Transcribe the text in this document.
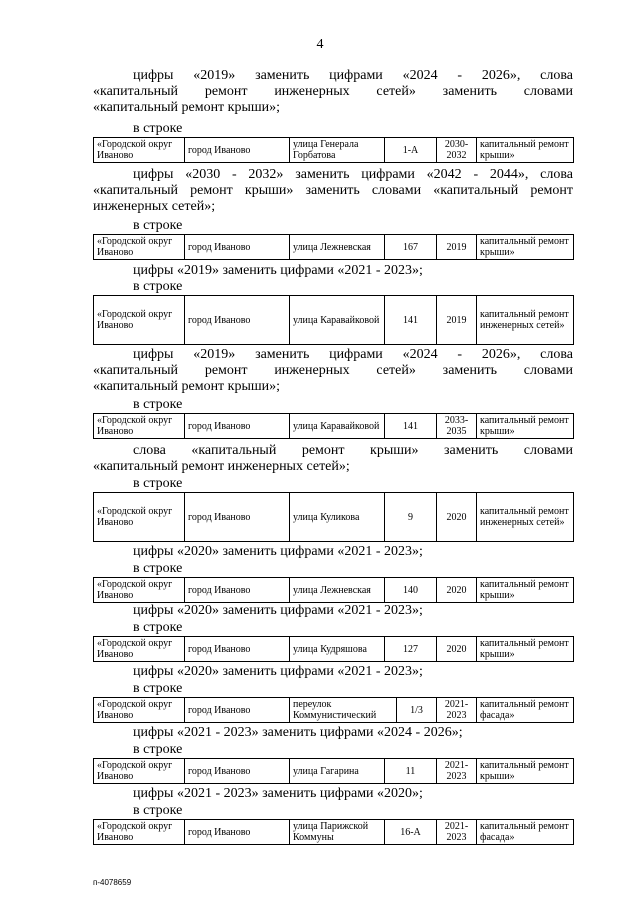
4
цифры «2019» заменить цифрами «2024 - 2026», слова
«капитальный ремонт инженерных сетей» заменить словами
«капитальный ремонт крыши»;
в строке
«Городской округ Иваново	город Иваново	улица Генерала Горбатова	1-А	2030-2032	капитальный ремонт крыши»
цифры «2030 - 2032» заменить цифрами «2042 - 2044», слова
«капитальный ремонт крыши» заменить словами «капитальный ремонт
инженерных сетей»;
в строке
«Городской округ Иваново	город Иваново	улица Лежневская	167	2019	капитальный ремонт крыши»
цифры «2019» заменить цифрами «2021 - 2023»;
в строке
«Городской округ Иваново	город Иваново	улица Каравайковой	141	2019	капитальный ремонт инженерных сетей»
цифры «2019» заменить цифрами «2024 - 2026», слова
«капитальный ремонт инженерных сетей» заменить словами
«капитальный ремонт крыши»;
в строке
«Городской округ Иваново	город Иваново	улица Каравайковой	141	2033-2035	капитальный ремонт крыши»
слова «капитальный ремонт крыши» заменить словами
«капитальный ремонт инженерных сетей»;
в строке
«Городской округ Иваново	город Иваново	улица Куликова	9	2020	капитальный ремонт инженерных сетей»
цифры «2020» заменить цифрами «2021 - 2023»;
в строке
«Городской округ Иваново	город Иваново	улица Лежневская	140	2020	капитальный ремонт крыши»
цифры «2020» заменить цифрами «2021 - 2023»;
в строке
«Городской округ Иваново	город Иваново	улица Кудряшова	127	2020	капитальный ремонт крыши»
цифры «2020» заменить цифрами «2021 - 2023»;
в строке
«Городской округ Иваново	город Иваново	переулок Коммунистический	1/3	2021-2023	капитальный ремонт фасада»
цифры «2021 - 2023» заменить цифрами «2024 - 2026»;
в строке
«Городской округ Иваново	город Иваново	улица Гагарина	11	2021-2023	капитальный ремонт крыши»
цифры «2021 - 2023» заменить цифрами «2020»;
в строке
«Городской округ Иваново	город Иваново	улица Парижской Коммуны	16-А	2021-2023	капитальный ремонт фасада»
п-4078659
